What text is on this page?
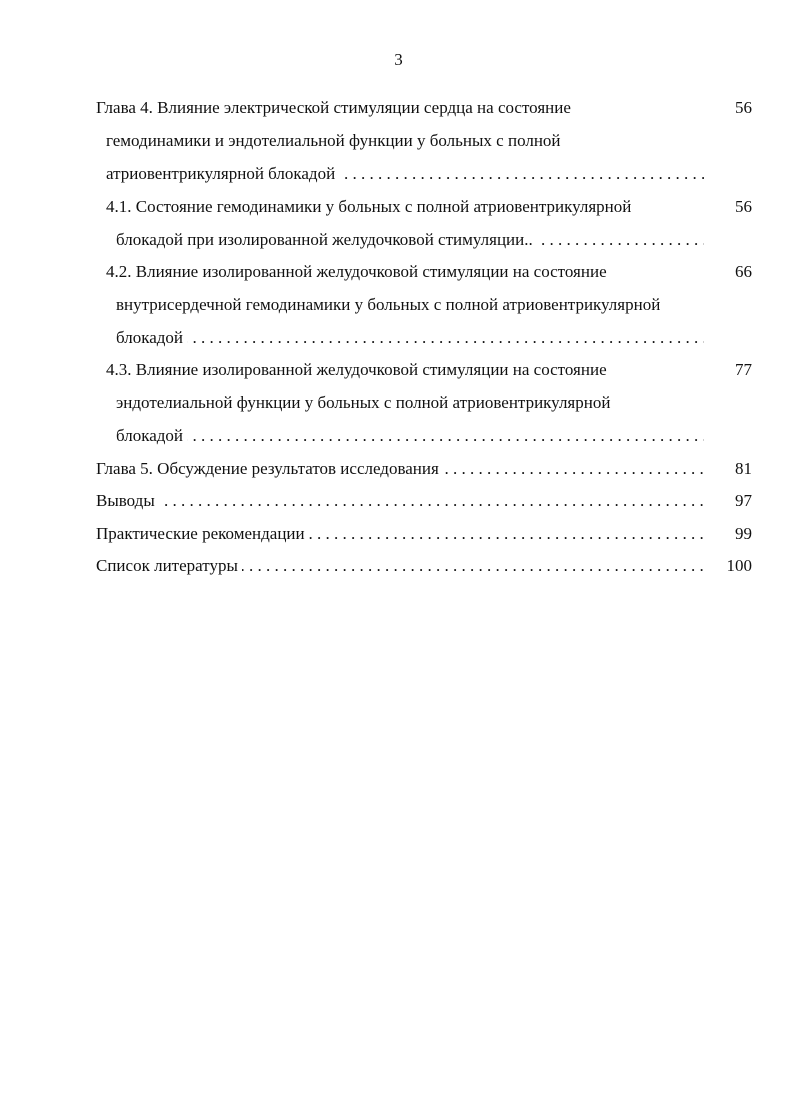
3
Глава 4. Влияние электрической стимуляции сердца на состояние	56
гемодинамики и эндотелиальной функции у больных с полной
атриовентрикулярной блокадой . . .
4.1. Состояние гемодинамики у больных с полной атриовентрикулярной	56
блокадой при изолированной желудочковой стимуляции.. . . .
4.2. Влияние изолированной желудочковой стимуляции на состояние	66
внутрисердечной гемодинамики у больных с полной атриовентрикулярной
блокадой . . .
4.3. Влияние изолированной желудочковой стимуляции на состояние	77
эндотелиальной функции у больных с полной атриовентрикулярной
блокадой . . .
Глава 5. Обсуждение результатов исследования . . .	81
Выводы . . .	97
Практические рекомендации . . .	99
Список литературы . . .	100
